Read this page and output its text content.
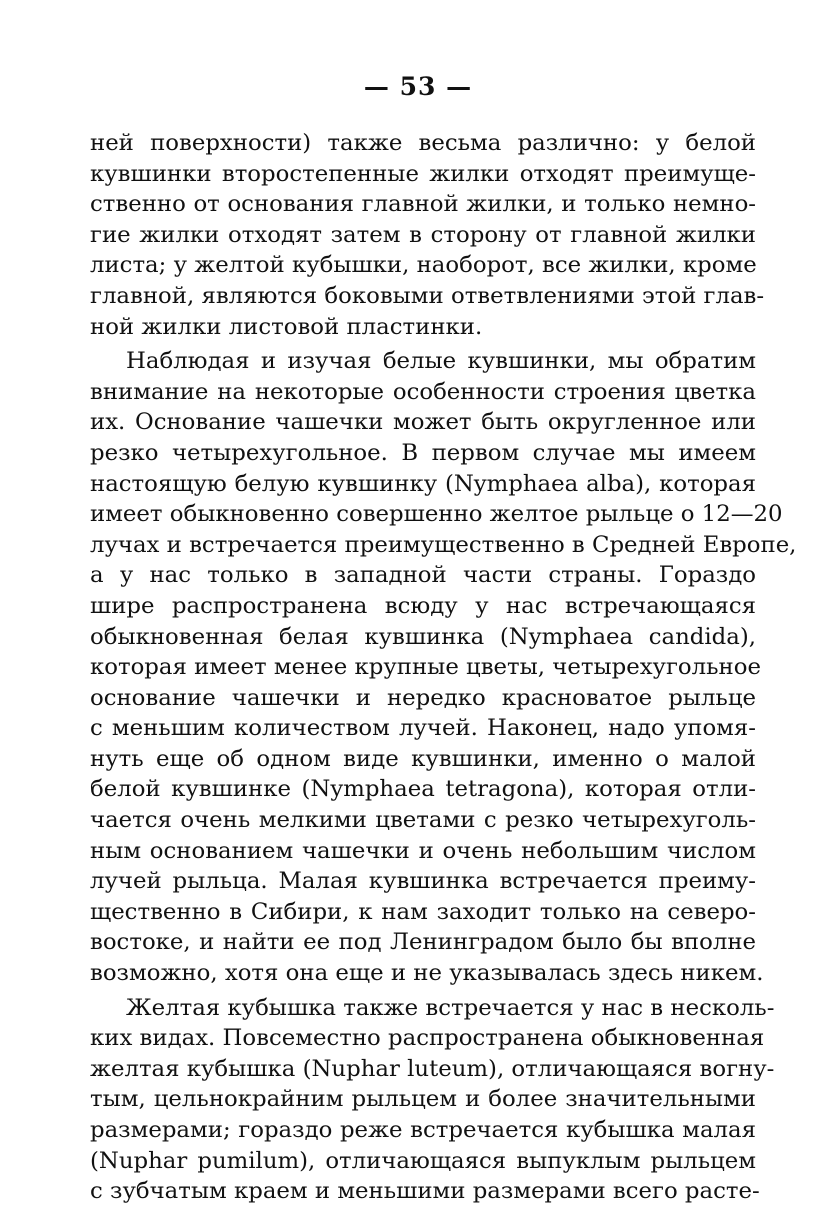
— 53 —

ней поверхности) также весьма различно: у белой
кувшинки второстепенные жилки отходят преимуще-
ственно от основания главной жилки, и только немно-
гие жилки отходят затем в сторону от главной жилки
листа; у желтой кубышки, наоборот, все жилки, кроме
главной, являются боковыми ответвлениями этой глав-
ной жилки листовой пластинки.

Наблюдая и изучая белые кувшинки, мы обратим
внимание на некоторые особенности строения цветка
их. Основание чашечки может быть округленное или
резко четырехугольное. В первом случае мы имеем
настоящую белую кувшинку (Nymphaea alba), которая
имеет обыкновенно совершенно желтое рыльце о 12—20
лучах и встречается преимущественно в Средней Европе,
а у нас только в западной части страны. Гораздо
шире распространена всюду у нас встречающаяся
обыкновенная белая кувшинка (Nymphaea candida),
которая имеет менее крупные цветы, четырехугольное
основание чашечки и нередко красноватое рыльце
с меньшим количеством лучей. Наконец, надо упомя-
нуть еще об одном виде кувшинки, именно о малой
белой кувшинке (Nymphaea tetragona), которая отли-
чается очень мелкими цветами с резко четырехуголь-
ным основанием чашечки и очень небольшим числом
лучей рыльца. Малая кувшинка встречается преиму-
щественно в Сибири, к нам заходит только на северо-
востоке, и найти ее под Ленинградом было бы вполне
возможно, хотя она еще и не указывалась здесь никем.

Желтая кубышка также встречается у нас в несколь-
ких видах. Повсеместно распространена обыкновенная
желтая кубышка (Nuphar luteum), отличающаяся вогну-
тым, цельнокрайним рыльцем и более значительными
размерами; гораздо реже встречается кубышка малая
(Nuphar pumilum), отличающаяся выпуклым рыльцем
с зубчатым краем и меньшими размерами всего расте-
